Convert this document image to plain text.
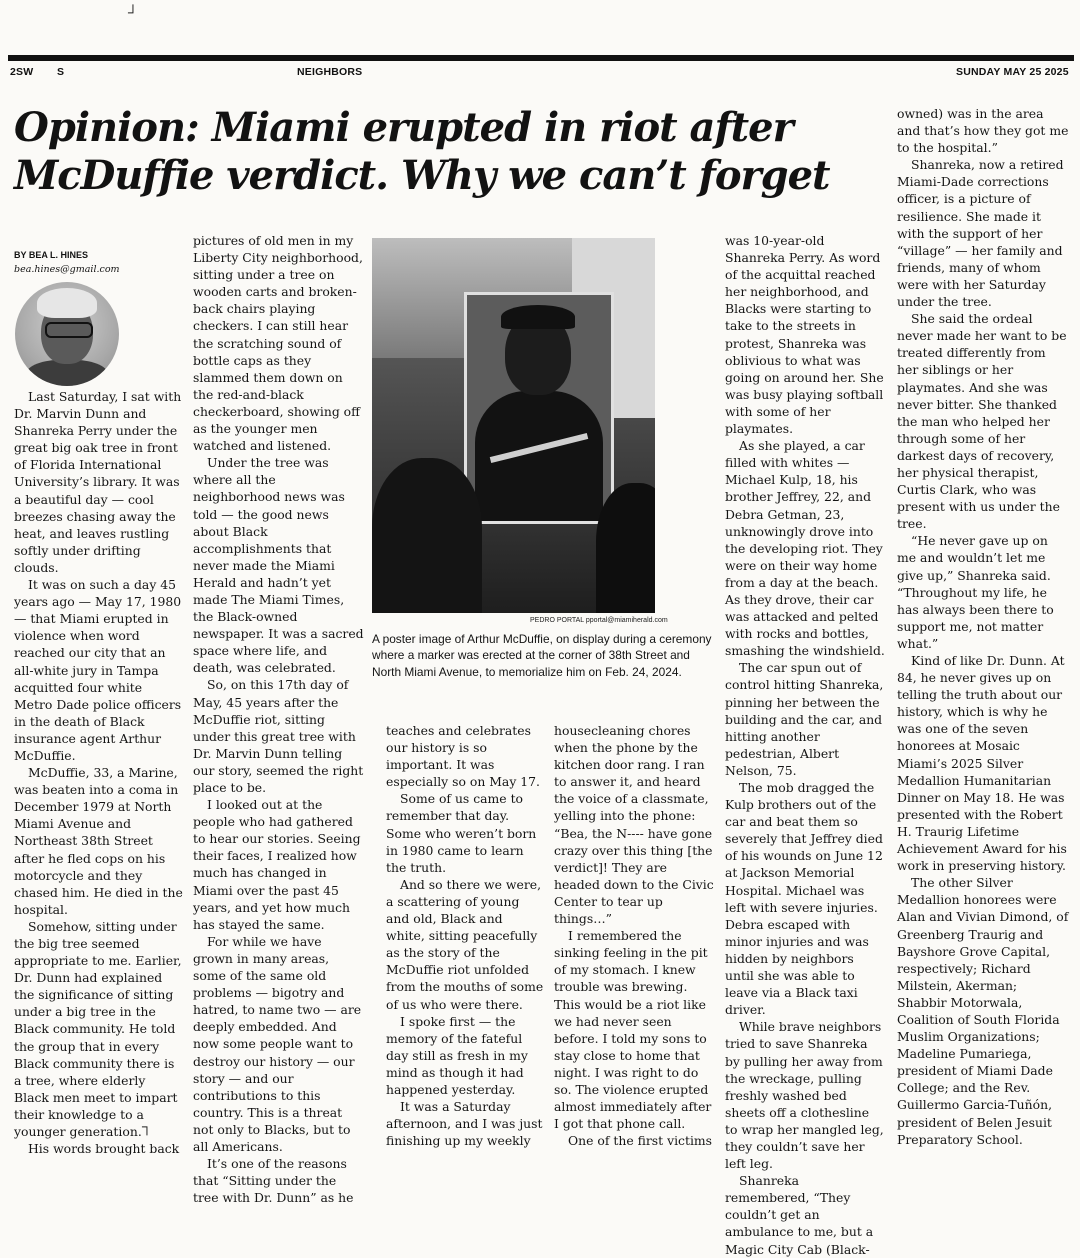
┘
┐
2SW S	NEIGHBORS	SUNDAY MAY 25 2025
Opinion: Miami erupted in riot after McDuffie verdict. Why we can’t forget
BY BEA L. HINES
bea.hines@gmail.com

Last Saturday, I sat with Dr. Marvin Dunn and Shanreka Perry under the great big oak tree in front of Florida International University’s library. It was a beautiful day — cool breezes chasing away the heat, and leaves rustling softly under drifting clouds.

It was on such a day 45 years ago — May 17, 1980 — that Miami erupted in violence when word reached our city that an all-white jury in Tampa acquitted four white Metro Dade police officers in the death of Black insurance agent Arthur McDuffie.

McDuffie, 33, a Marine, was beaten into a coma in December 1979 at North Miami Avenue and Northeast 38th Street after he fled cops on his motorcycle and they chased him. He died in the hospital.

Somehow, sitting under the big tree seemed appropriate to me. Earlier, Dr. Dunn had explained the significance of sitting under a big tree in the Black community. He told the group that in every Black community there is a tree, where elderly Black men meet to impart their knowledge to a younger generation.

His words brought back

pictures of old men in my Liberty City neighborhood, sitting under a tree on wooden carts and broken-back chairs playing checkers. I can still hear the scratching sound of bottle caps as they slammed them down on the red-and-black checkerboard, showing off as the younger men watched and listened.

Under the tree was where all the neighborhood news was told — the good news about Black accomplishments that never made the Miami Herald and hadn’t yet made The Miami Times, the Black-owned newspaper. It was a sacred space where life, and death, was celebrated.

So, on this 17th day of May, 45 years after the McDuffie riot, sitting under this great tree with Dr. Marvin Dunn telling our story, seemed the right place to be.

I looked out at the people who had gathered to hear our stories. Seeing their faces, I realized how much has changed in Miami over the past 45 years, and yet how much has stayed the same.

For while we have grown in many areas, some of the same old problems — bigotry and hatred, to name two — are deeply embedded. And now some people want to destroy our history — our story — and our contributions to this country. This is a threat not only to Blacks, but to all Americans.

It’s one of the reasons that “Sitting under the tree with Dr. Dunn” as he

PEDRO PORTAL pportal@miamiherald.com

A poster image of Arthur McDuffie, on display during a ceremony where a marker was erected at the corner of 38th Street and North Miami Avenue, to memorialize him on Feb. 24, 2024.

teaches and celebrates our history is so important. It was especially so on May 17.

Some of us came to remember that day. Some who weren’t born in 1980 came to learn the truth.

And so there we were, a scattering of young and old, Black and white, sitting peacefully as the story of the McDuffie riot unfolded from the mouths of some of us who were there.

I spoke first — the memory of the fateful day still as fresh in my mind as though it had happened yesterday.

It was a Saturday afternoon, and I was just finishing up my weekly

housecleaning chores when the phone by the kitchen door rang. I ran to answer it, and heard the voice of a classmate, yelling into the phone: “Bea, the N---- have gone crazy over this thing [the verdict]! They are headed down to the Civic Center to tear up things…”

I remembered the sinking feeling in the pit of my stomach. I knew trouble was brewing. This would be a riot like we had never seen before. I told my sons to stay close to home that night. I was right to do so. The violence erupted almost immediately after I got that phone call.

One of the first victims

was 10-year-old Shanreka Perry. As word of the acquittal reached her neighborhood, and Blacks were starting to take to the streets in protest, Shanreka was oblivious to what was going on around her. She was busy playing softball with some of her playmates.

As she played, a car filled with whites — Michael Kulp, 18, his brother Jeffrey, 22, and Debra Getman, 23, unknowingly drove into the developing riot. They were on their way home from a day at the beach. As they drove, their car was attacked and pelted with rocks and bottles, smashing the windshield.

The car spun out of control hitting Shanreka, pinning her between the building and the car, and hitting another pedestrian, Albert Nelson, 75.

The mob dragged the Kulp brothers out of the car and beat them so severely that Jeffrey died of his wounds on June 12 at Jackson Memorial Hospital. Michael was left with severe injuries. Debra escaped with minor injuries and was hidden by neighbors until she was able to leave via a Black taxi driver.

While brave neighbors tried to save Shanreka by pulling her away from the wreckage, pulling freshly washed bed sheets off a clothesline to wrap her mangled leg, they couldn’t save her left leg.

Shanreka remembered, “They couldn’t get an ambulance to me, but a Magic City Cab (Black-

owned) was in the area and that’s how they got me to the hospital.”

Shanreka, now a retired Miami-Dade corrections officer, is a picture of resilience. She made it with the support of her “village” — her family and friends, many of whom were with her Saturday under the tree.

She said the ordeal never made her want to be treated differently from her siblings or her playmates. And she was never bitter. She thanked the man who helped her through some of her darkest days of recovery, her physical therapist, Curtis Clark, who was present with us under the tree.

“He never gave up on me and wouldn’t let me give up,” Shanreka said. “Throughout my life, he has always been there to support me, not matter what.”

Kind of like Dr. Dunn. At 84, he never gives up on telling the truth about our history, which is why he was one of the seven honorees at Mosaic Miami’s 2025 Silver Medallion Humanitarian Dinner on May 18. He was presented with the Robert H. Traurig Lifetime Achievement Award for his work in preserving history.

The other Silver Medallion honorees were Alan and Vivian Dimond, of Greenberg Traurig and Bayshore Grove Capital, respectively; Richard Milstein, Akerman; Shabbir Motorwala, Coalition of South Florida Muslim Organizations; Madeline Pumariega, president of Miami Dade College; and the Rev. Guillermo Garcia-Tuñón, president of Belen Jesuit Preparatory School.
